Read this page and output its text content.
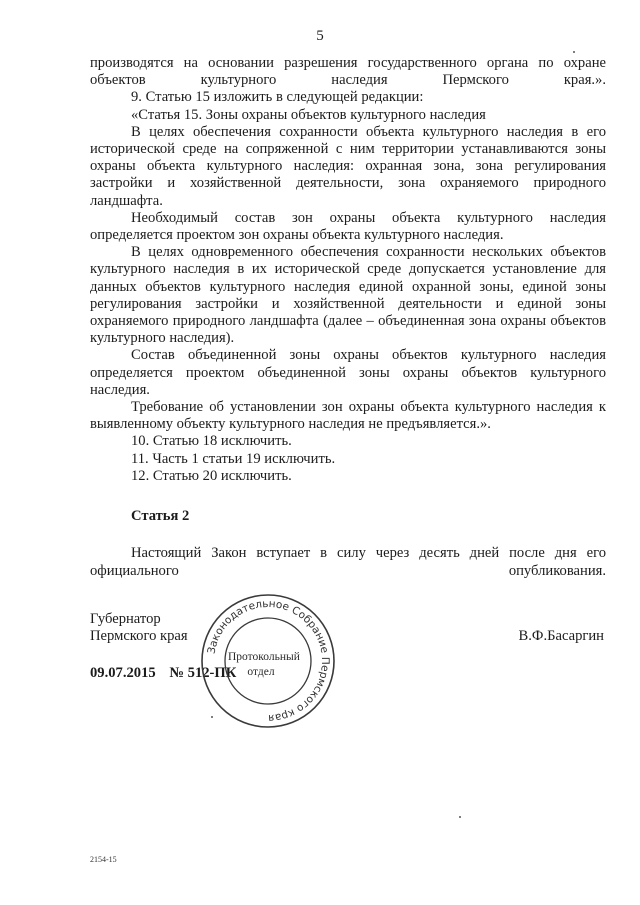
5

производятся на основании разрешения государственного органа по охране объектов культурного наследия Пермского края.».

9. Статью 15 изложить в следующей редакции:

«Статья 15. Зоны охраны объектов культурного наследия

В целях обеспечения сохранности объекта культурного наследия в его исторической среде на сопряженной с ним территории устанавливаются зоны охраны объекта культурного наследия: охранная зона, зона регулирования застройки и хозяйственной деятельности, зона охраняемого природного ландшафта.

Необходимый состав зон охраны объекта культурного наследия определяется проектом зон охраны объекта культурного наследия.

В целях одновременного обеспечения сохранности нескольких объектов культурного наследия в их исторической среде допускается установление для данных объектов культурного наследия единой охранной зоны, единой зоны регулирования застройки и хозяйственной деятельности и единой зоны охраняемого природного ландшафта (далее – объединенная зона охраны объектов культурного наследия).

Состав объединенной зоны охраны объектов культурного наследия определяется проектом объединенной зоны охраны объектов культурного наследия.

Требование об установлении зон охраны объекта культурного наследия к выявленному объекту культурного наследия не предъявляется.».

10. Статью 18 исключить.

11. Часть 1 статьи 19 исключить.

12. Статью 20 исключить.

Статья 2

Настоящий Закон вступает в силу через десять дней после дня его официального опубликования.

Губернатор
Пермского края	В.Ф.Басаргин
09.07.2015 № 512-ПК
Законодательное Собрание Пермского края
Протокольный
отдел
2154-15
